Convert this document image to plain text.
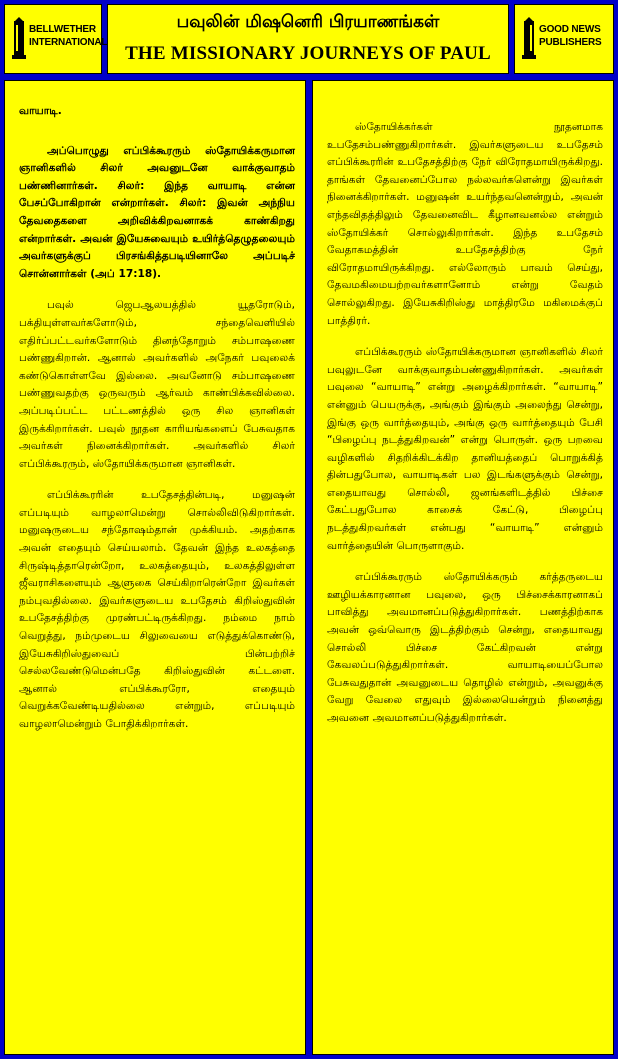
BELLWETHER
INTERNATIONAL
பவுலின் மிஷனெரி பிரயாணங்கள்
THE MISSIONARY JOURNEYS OF PAUL
GOOD NEWS
PUBLISHERS

வாயாடி.

அப்பொழுது எப்பிக்கூரரும் ஸ்தோயிக்கருமான ஞானிகளில் சிலர் அவனுடனே வாக்குவாதம் பண்ணினார்கள். சிலர்: இந்த வாயாடி என்ன பேசப்போகிறான் என்றார்கள். சிலர்: இவன் அந்நிய தேவதைகளை அறிவிக்கிறவனாகக் காண்கிறது என்றார்கள். அவன் இயேசுவையும் உயிர்த்தெழுதலையும் அவர்களுக்குப் பிரசங்கித்தபடியினாலே அப்படிச் சொன்னார்கள் (அப் 17:18).

பவுல் ஜெபஆலயத்தில் யூதரோடும், பக்தியுள்ளவர்களோடும், சந்தைவெளியில் எதிர்ப்பட்டவர்களோடும் தினந்தோறும் சம்பாஷணை பண்ணுகிறான். ஆனால் அவர்களில் அநேகர் பவுலைக் கண்டுகொள்ளவே இல்லை. அவனோடு சம்பாஷணை பண்ணுவதற்கு ஒருவரும் ஆர்வம் காண்பிக்கவில்லை. அப்படிப்பட்ட பட்டணத்தில் ஒரு சில ஞானிகள் இருக்கிறார்கள். பவுல் நூதன காரியங்களைப் பேசுவதாக அவர்கள் நினைக்கிறார்கள். அவர்களில் சிலர் எப்பிக்கூரரும், ஸ்தோயிக்கருமான ஞானிகள்.

எப்பிக்கூரரின் உபதேசத்தின்படி, மனுஷன் எப்படியும் வாழலாமென்று சொல்லிவிடுகிறார்கள். மனுஷருடைய சந்தோஷம்தான் முக்கியம். அதற்காக அவன் எதையும் செய்யலாம். தேவன் இந்த உலகத்தை சிருஷ்டித்தாரென்றோ, உலகத்தையும், உலகத்திலுள்ள ஜீவராசிகளையும் ஆளுகை செய்கிறாரென்றோ இவர்கள் நம்புவதில்லை. இவர்களுடைய உபதேசம் கிறிஸ்துவின் உபதேசத்திற்கு முரண்பட்டிருக்கிறது. நம்மை நாம் வெறுத்து, நம்முடைய சிலுவையை எடுத்துக்கொண்டு, இயேசுகிறிஸ்துவைப் பின்பற்றிச் செல்லவேண்டுமென்பதே கிறிஸ்துவின் கட்டளை. ஆனால் எப்பிக்கூரரோ, எதையும் வெறுக்கவேண்டியதில்லை என்றும், எப்படியும் வாழலாமென்றும் போதிக்கிறார்கள்.

ஸ்தோயிக்கர்கள் நூதனமாக உபதேசம்பண்ணுகிறார்கள். இவர்களுடைய உபதேசம் எப்பிக்கூரரின் உபதேசத்திற்கு நேர் விரோதமாயிருக்கிறது. தாங்கள் தேவனைப்போல நல்லவர்களென்று இவர்கள் நினைக்கிறார்கள். மனுஷன் உயர்ந்தவனென்றும், அவன் எந்தவிதத்திலும் தேவனைவிட கீழானவனல்ல என்றும் ஸ்தோயிக்கர் சொல்லுகிறார்கள். இந்த உபதேசம் வேதாகமத்தின் உபதேசத்திற்கு நேர் விரோதமாயிருக்கிறது. எல்லோரும் பாவம் செய்து, தேவமகிமையற்றவர்களானோம் என்று வேதம் சொல்லுகிறது. இயேசுகிறிஸ்து மாத்திரமே மகிமைக்குப் பாத்திரர்.

எப்பிக்கூரரும் ஸ்தோயிக்கருமான ஞானிகளில் சிலர் பவுலுடனே வாக்குவாதம்பண்ணுகிறார்கள். அவர்கள் பவுலை “வாயாடி” என்று அழைக்கிறார்கள். “வாயாடி” என்னும் பெயருக்கு, அங்கும் இங்கும் அலைந்து சென்று, இங்கு ஒரு வார்த்தையும், அங்கு ஒரு வார்த்தையும் பேசி “பிழைப்பு நடத்துகிறவன்” என்று பொருள். ஒரு பறவை வழிகளில் சிதறிக்கிடக்கிற தானியத்தைப் பொறுக்கித் தின்பதுபோல, வாயாடிகள் பல இடங்களுக்கும் சென்று, எதையாவது சொல்லி, ஜனங்களிடத்தில் பிச்சை கேட்பதுபோல காசைக் கேட்டு, பிழைப்பு நடத்துகிறவர்கள் என்பது “வாயாடி” என்னும் வார்த்தையின் பொருளாகும்.

எப்பிக்கூரரும் ஸ்தோயிக்கரும் கர்த்தருடைய ஊழியக்காரனான பவுலை, ஒரு பிச்சைக்காரனாகப் பாவித்து அவமானப்படுத்துகிறார்கள். பணத்திற்காக அவன் ஒவ்வொரு இடத்திற்கும் சென்று, எதையாவது சொல்லி பிச்சை கேட்கிறவன் என்று கேவலப்படுத்துகிறார்கள். வாயாடியைப்போல பேசுவதுதான் அவனுடைய தொழில் என்றும், அவனுக்கு வேறு வேலை எதுவும் இல்லையென்றும் நினைத்து அவனை அவமானப்படுத்துகிறார்கள்.
